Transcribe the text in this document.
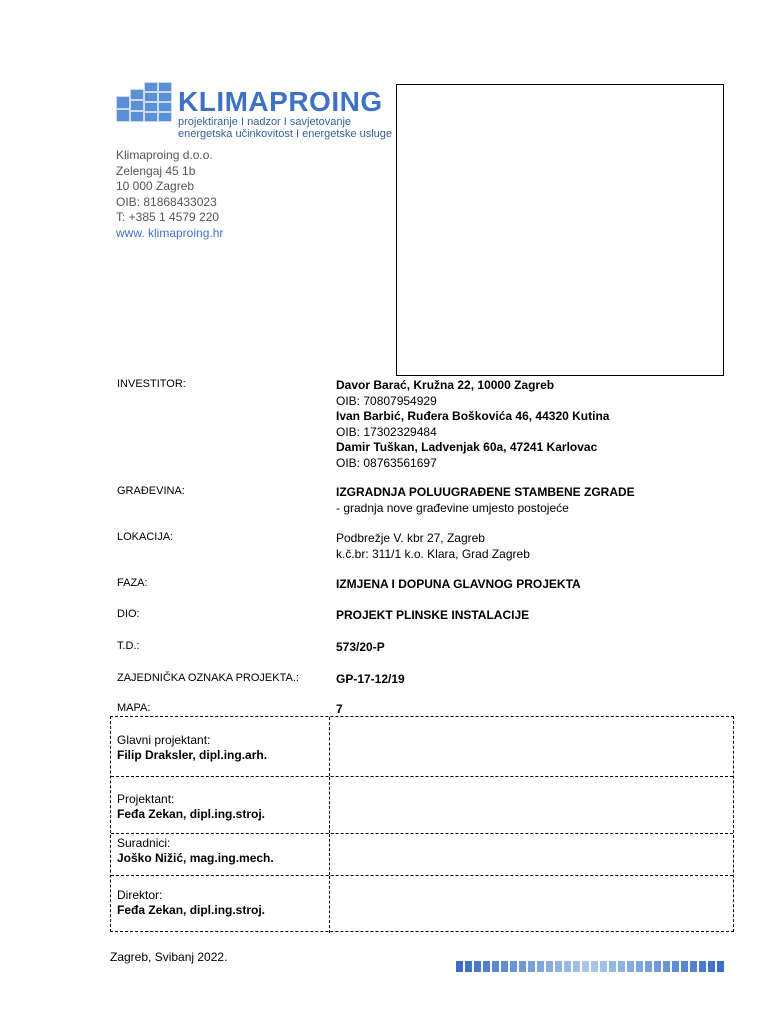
KLIMAPROING
projektiranje I nadzor I savjetovanje
energetska učinkovitost I energetske usluge
Klimaproing d.o.o.
Zelengaj 45 1b
10 000 Zagreb
OIB: 81868433023
T: +385 1 4579 220
www. klimaproing.hr
INVESTITOR:	Davor Barać, Kružna 22, 10000 Zagreb
OIB: 70807954929
Ivan Barbić, Ruđera Boškovića 46, 44320 Kutina
OIB: 17302329484
Damir Tuškan, Ladvenjak 60a, 47241 Karlovac
OIB: 08763561697
GRAĐEVINA:	IZGRADNJA POLUUGRAĐENE STAMBENE ZGRADE
- gradnja nove građevine umjesto postojeće
LOKACIJA:	Podbrežje V. kbr 27, Zagreb
k.č.br: 311/1 k.o. Klara, Grad Zagreb
FAZA:	IZMJENA I DOPUNA GLAVNOG PROJEKTA
DIO:	PROJEKT PLINSKE INSTALACIJE
T.D.:	573/20-P
ZAJEDNIČKA OZNAKA PROJEKTA.:	GP-17-12/19
MAPA:	7
Glavni projektant:
Filip Draksler, dipl.ing.arh.
Projektant:
Feđa Zekan, dipl.ing.stroj.
Suradnici:
Joško Nižić, mag.ing.mech.
Direktor:
Feđa Zekan, dipl.ing.stroj.
Zagreb, Svibanj 2022.
